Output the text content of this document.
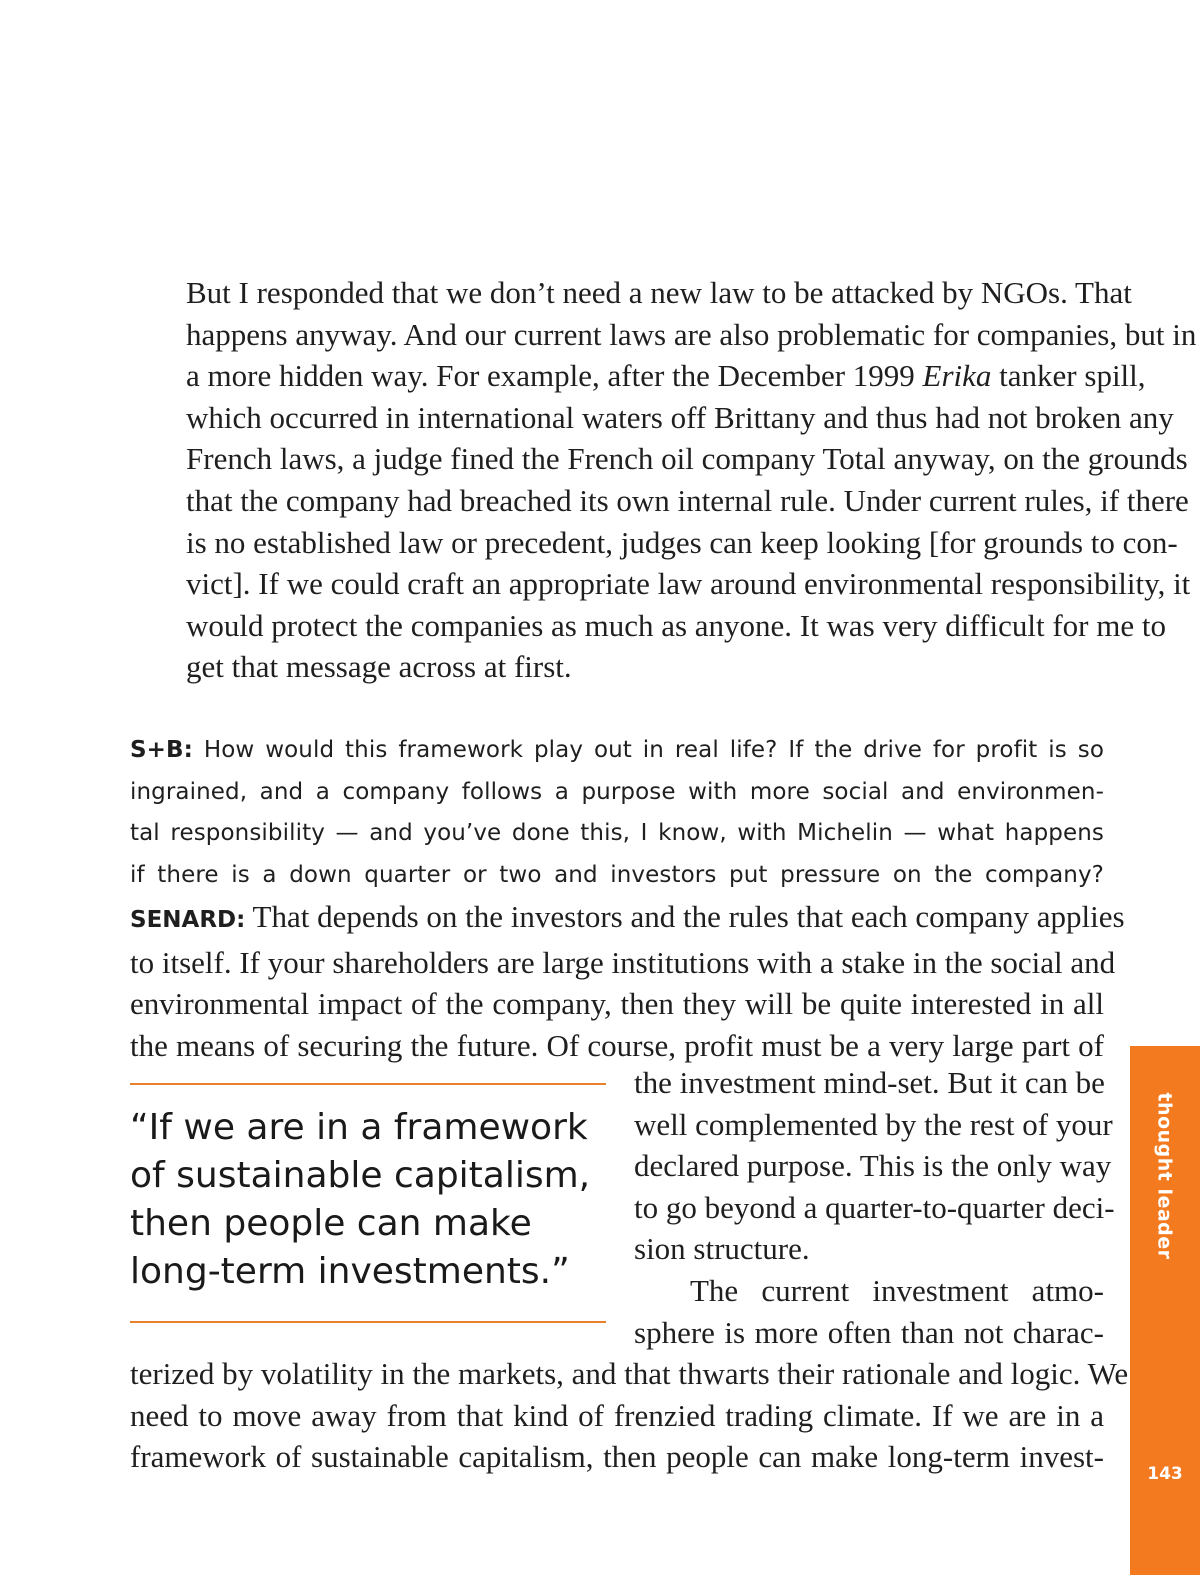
But I responded that we don’t need a new law to be attacked by NGOs. That
happens anyway. And our current laws are also problematic for companies, but in
a more hidden way. For example, after the December 1999 Erika tanker spill,
which occurred in international waters off Brittany and thus had not broken any
French laws, a judge fined the French oil company Total anyway, on the grounds
that the company had breached its own internal rule. Under current rules, if there
is no established law or precedent, judges can keep looking [for grounds to con-
vict]. If we could craft an appropriate law around environmental responsibility, it
would protect the companies as much as anyone. It was very difficult for me to
get that message across at first.
S+B: How would this framework play out in real life? If the drive for profit is so
ingrained, and a company follows a purpose with more social and environmen-
tal responsibility — and you’ve done this, I know, with Michelin — what happens
if there is a down quarter or two and investors put pressure on the company?
SENARD: That depends on the investors and the rules that each company applies
to itself. If your shareholders are large institutions with a stake in the social and
environmental impact of the company, then they will be quite interested in all
the means of securing the future. Of course, profit must be a very large part of
the investment mind-set. But it can be
well complemented by the rest of your
declared purpose. This is the only way
to go beyond a quarter-to-quarter deci-
sion structure.
The current investment atmo-
sphere is more often than not charac-
terized by volatility in the markets, and that thwarts their rationale and logic. We
need to move away from that kind of frenzied trading climate. If we are in a
framework of sustainable capitalism, then people can make long-term invest-
“If we are in a framework
of sustainable capitalism,
then people can make
long-term investments.”
thought leader
143
